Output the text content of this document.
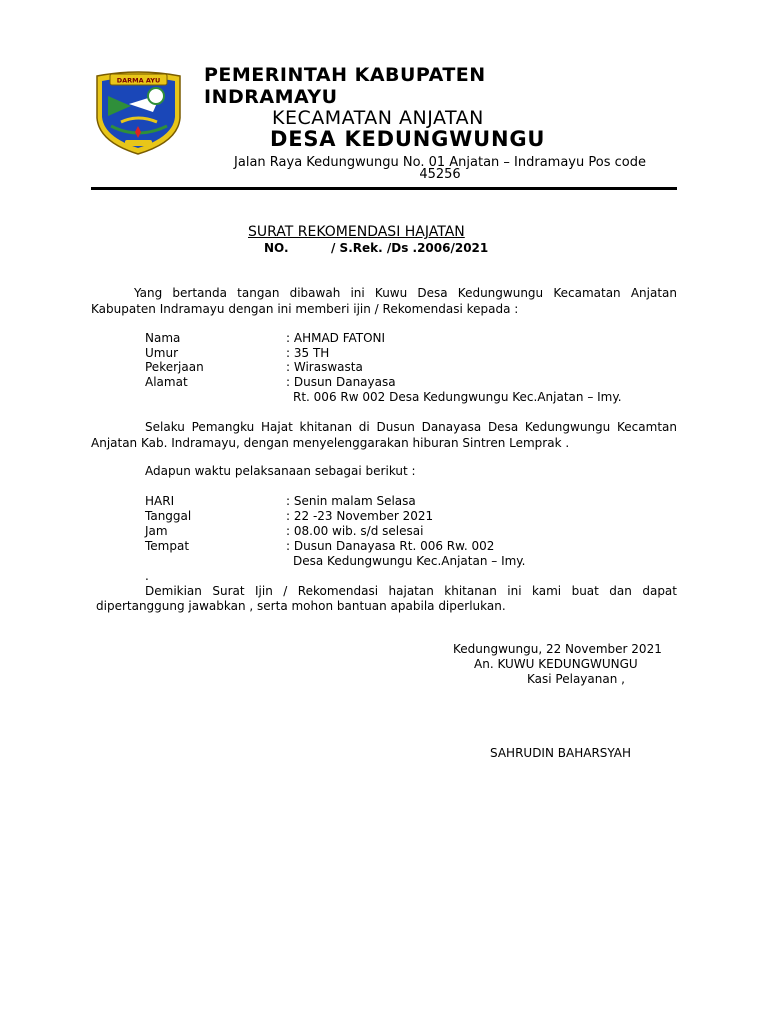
DARMA AYU PEMERINTAH KABUPATEN
INDRAMAYU
KECAMATAN ANJATAN
DESA KEDUNGWUNGU
Jalan Raya Kedungwungu No. 01 Anjatan – Indramayu Pos code
45256
SURAT REKOMENDASI HAJATAN
NO.	/ S.Rek. /Ds .2006/2021
Yang bertanda tangan dibawah ini Kuwu Desa Kedungwungu Kecamatan Anjatan
Kabupaten Indramayu dengan ini memberi ijin / Rekomendasi kepada :
Nama	: AHMAD FATONI
Umur	: 35 TH
Pekerjaan	: Wiraswasta
Alamat	: Dusun Danayasa
Rt. 006 Rw 002 Desa Kedungwungu Kec.Anjatan – Imy.
Selaku Pemangku Hajat khitanan di Dusun Danayasa Desa Kedungwungu Kecamtan
Anjatan Kab. Indramayu, dengan menyelenggarakan hiburan Sintren Lemprak .
Adapun waktu pelaksanaan sebagai berikut :
HARI	: Senin malam Selasa
Tanggal	: 22 -23 November 2021
Jam	: 08.00 wib. s/d selesai
Tempat	: Dusun Danayasa Rt. 006 Rw. 002
Desa Kedungwungu Kec.Anjatan – Imy.
.
Demikian Surat Ijin / Rekomendasi hajatan khitanan ini kami buat dan dapat
dipertanggung jawabkan , serta mohon bantuan apabila diperlukan.
Kedungwungu, 22 November 2021
An. KUWU KEDUNGWUNGU
Kasi Pelayanan ,
SAHRUDIN BAHARSYAH
